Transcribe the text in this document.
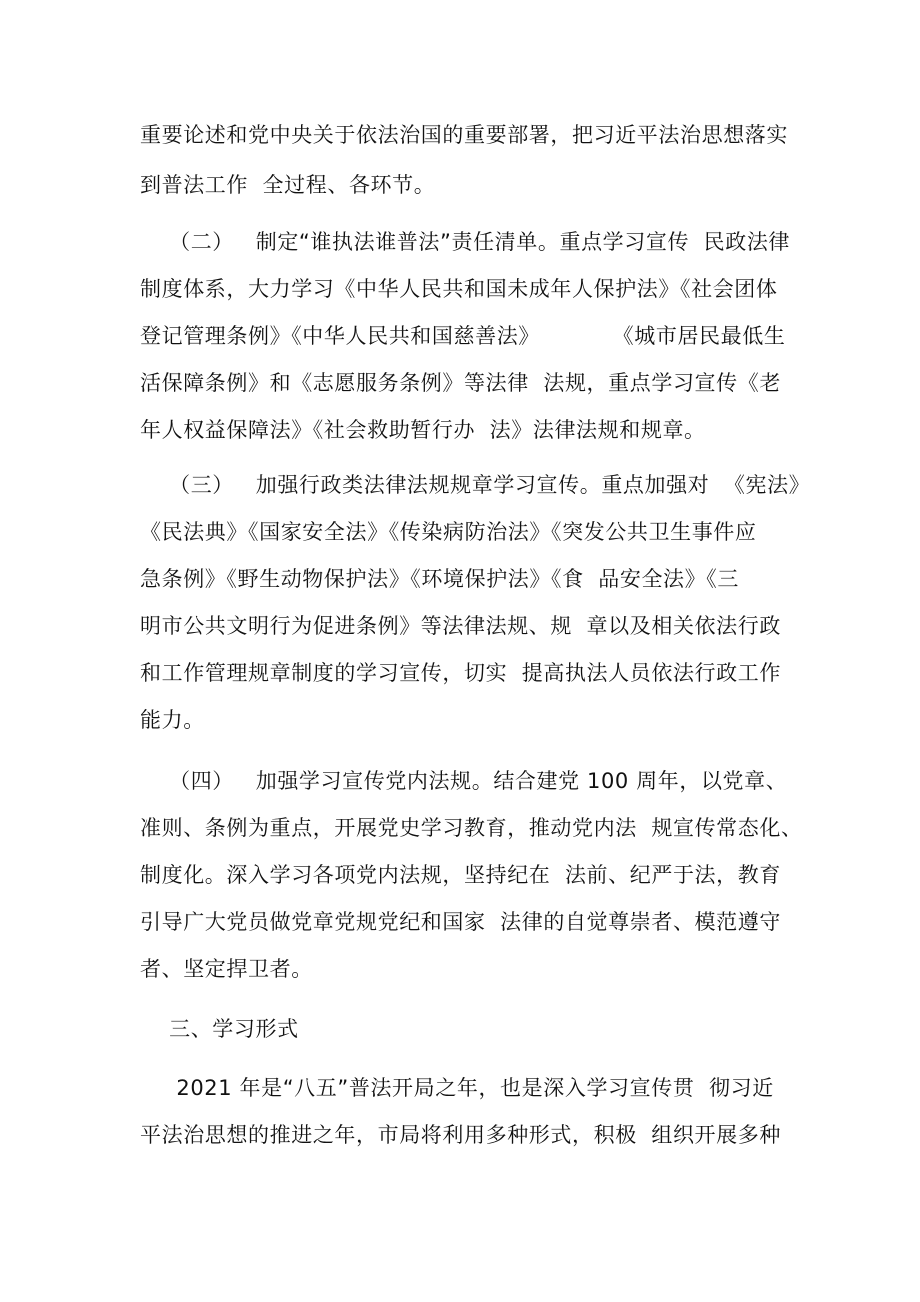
重要论述和党中央关于依法治国的重要部署，把习近平法治思想落实
到普法工作  全过程、各环节。
（二）   制定“谁执法谁普法”责任清单。重点学习宣传  民政法律
制度体系，大力学习《中华人民共和国未成年人保护法》《社会团体
登记管理条例》《中华人民共和国慈善法》          《城市居民最低生
活保障条例》和《志愿服务条例》等法律  法规，重点学习宣传《老
年人权益保障法》《社会救助暂行办  法》法律法规和规章。
（三）   加强行政类法律法规规章学习宣传。重点加强对  《宪法》
《民法典》《国家安全法》《传染病防治法》《突发公共卫生事件应
急条例》《野生动物保护法》《环境保护法》《食  品安全法》《三
明市公共文明行为促进条例》等法律法规、规  章以及相关依法行政
和工作管理规章制度的学习宣传，切实  提高执法人员依法行政工作
能力。
（四）   加强学习宣传党内法规。结合建党 100 周年，以党章、
准则、条例为重点，开展党史学习教育，推动党内法  规宣传常态化、
制度化。深入学习各项党内法规，坚持纪在  法前、纪严于法，教育
引导广大党员做党章党规党纪和国家  法律的自觉尊崇者、模范遵守
者、坚定捍卫者。
三、学习形式
2021 年是“八五”普法开局之年，也是深入学习宣传贯  彻习近
平法治思想的推进之年，市局将利用多种形式，积极  组织开展多种
